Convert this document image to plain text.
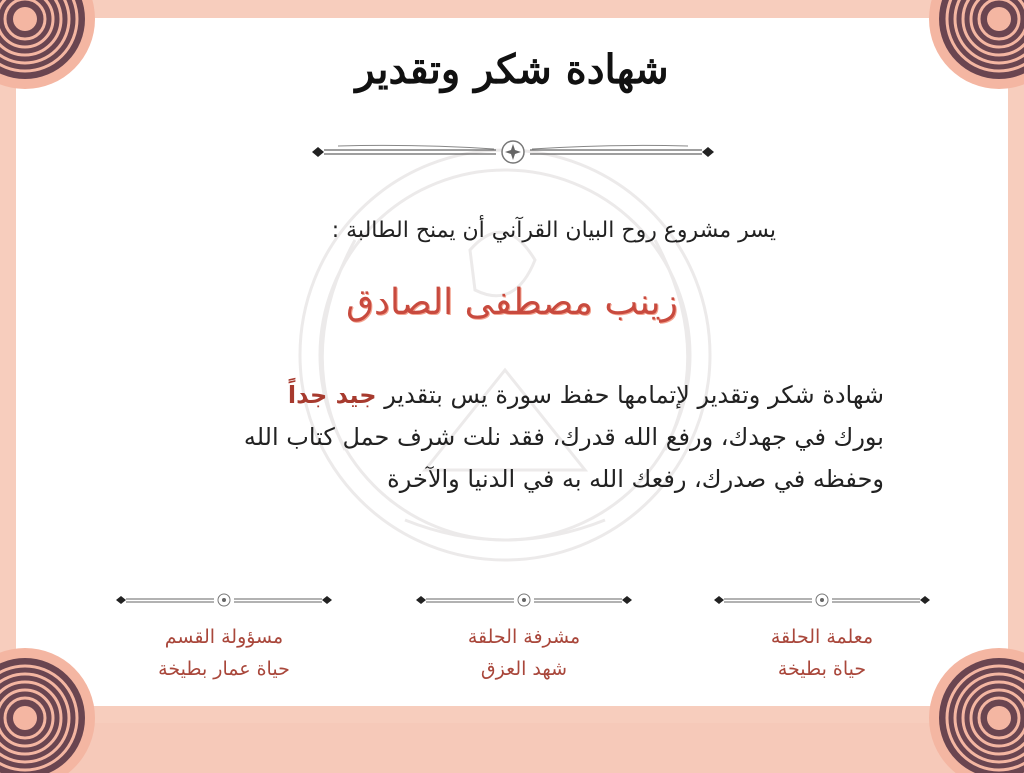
شهادة شكر وتقدير
يسر مشروع روح البيان القرآني أن يمنح الطالبة :
زينب مصطفى الصادق
شهادة شكر وتقدير لإتمامها حفظ سورة يس بتقدير جيد جداً
بورك في جهدك، ورفع الله قدرك، فقد نلت شرف حمل كتاب الله
وحفظه في صدرك، رفعك الله به في الدنيا والآخرة
معلمة الحلقة
حياة بطيخة
مشرفة الحلقة
شهد العزق
مسؤولة القسم
حياة عمار بطيخة
